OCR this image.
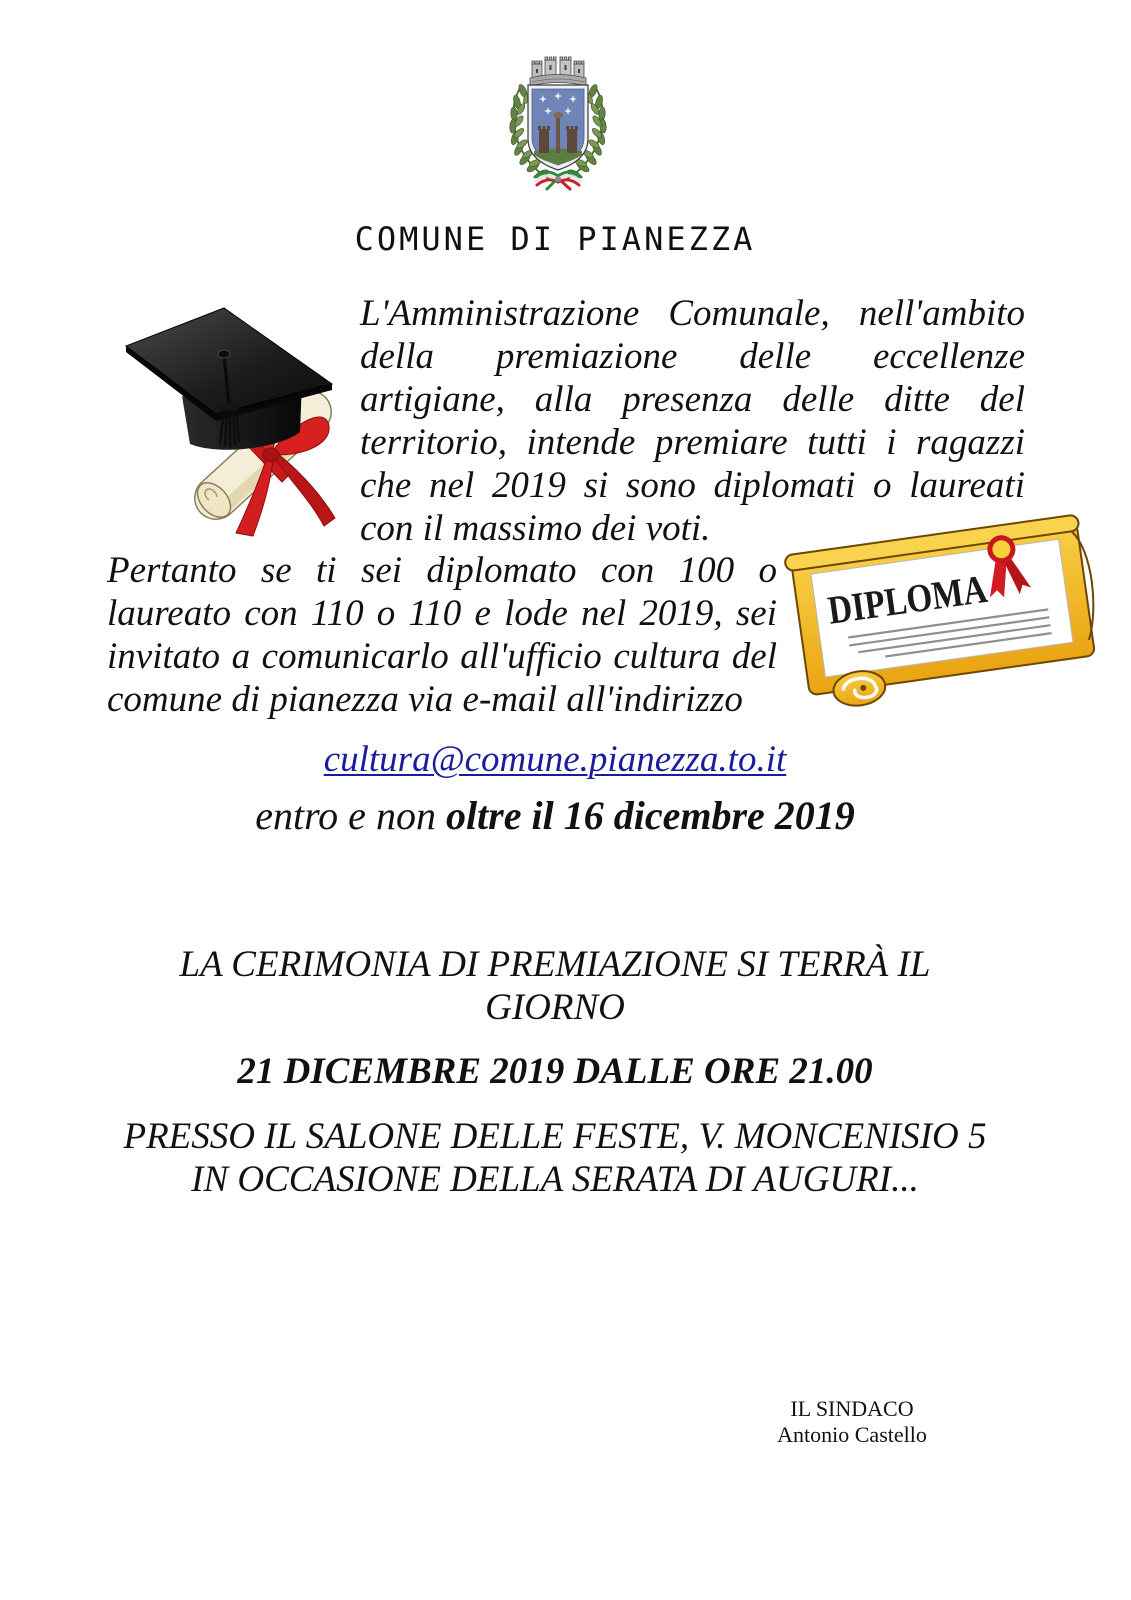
COMUNE DI PIANEZZA
L'Amministrazione Comunale, nell'ambito
della premiazione delle eccellenze
artigiane, alla presenza delle ditte del
territorio, intende premiare tutti i ragazzi
che nel 2019 si sono diplomati o laureati
con il massimo dei voti.
DIPLOMA
Pertanto se ti sei diplomato con 100 o
laureato con 110 o 110 e lode nel 2019, sei
invitato a comunicarlo all'ufficio cultura del
comune di pianezza via e-mail all'indirizzo
cultura@comune.pianezza.to.it
entro e non oltre il 16 dicembre 2019
LA CERIMONIA DI PREMIAZIONE SI TERRÀ IL
GIORNO
21 DICEMBRE 2019 DALLE ORE 21.00
PRESSO IL SALONE DELLE FESTE, V. MONCENISIO 5
IN OCCASIONE DELLA SERATA DI AUGURI...
IL SINDACO
Antonio Castello
